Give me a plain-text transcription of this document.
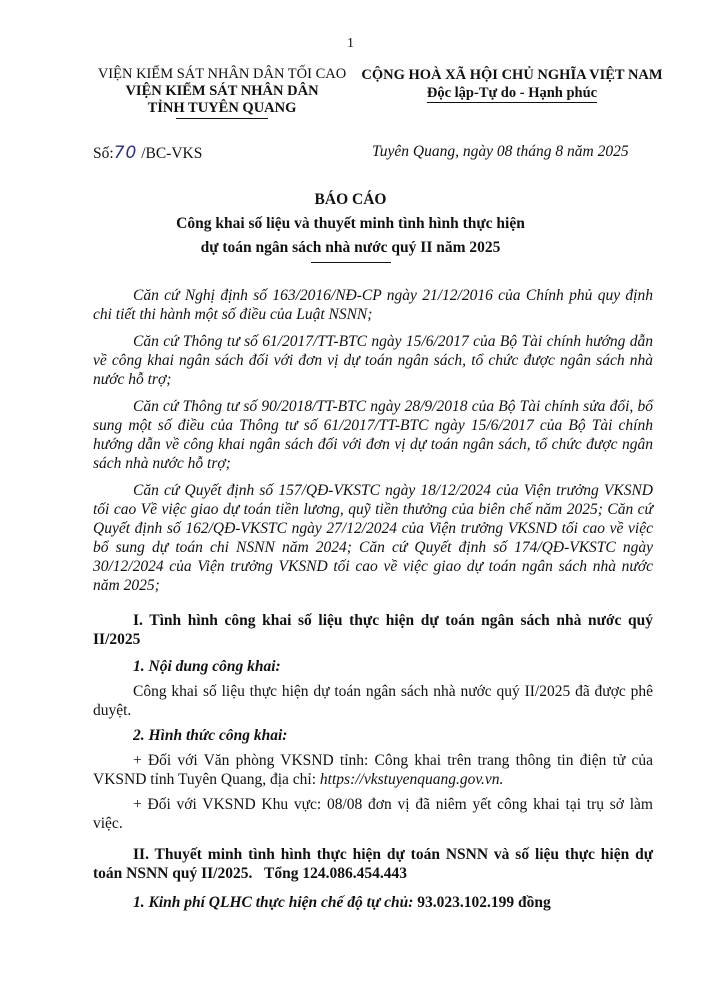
1
VIỆN KIỂM SÁT NHÂN DÂN TỐI CAO
VIỆN KIỂM SÁT NHÂN DÂN
TỈNH TUYÊN QUANG
CỘNG HOÀ XÃ HỘI CHỦ NGHĨA VIỆT NAM
Độc lập-Tự do - Hạnh phúc
Số:70 /BC-VKS	Tuyên Quang, ngày 08 tháng 8 năm 2025
BÁO CÁO
Công khai số liệu và thuyết minh tình hình thực hiện
dự toán ngân sách nhà nước quý II năm 2025

Căn cứ Nghị định số 163/2016/NĐ-CP ngày 21/12/2016 của Chính phủ quy định chi tiết thi hành một số điều của Luật NSNN;

Căn cứ Thông tư số 61/2017/TT-BTC ngày 15/6/2017 của Bộ Tài chính hướng dẫn về công khai ngân sách đối với đơn vị dự toán ngân sách, tổ chức được ngân sách nhà nước hỗ trợ;

Căn cứ Thông tư số 90/2018/TT-BTC ngày 28/9/2018 của Bộ Tài chính sửa đổi, bổ sung một số điều của Thông tư số 61/2017/TT-BTC ngày 15/6/2017 của Bộ Tài chính hướng dẫn về công khai ngân sách đối với đơn vị dự toán ngân sách, tổ chức được ngân sách nhà nước hỗ trợ;

Căn cứ Quyết định số 157/QĐ-VKSTC ngày 18/12/2024 của Viện trưởng VKSND tối cao Về việc giao dự toán tiền lương, quỹ tiền thưởng của biên chế năm 2025; Căn cứ Quyết định số 162/QĐ-VKSTC ngày 27/12/2024 của Viện trưởng VKSND tối cao về việc bổ sung dự toán chi NSNN năm 2024; Căn cứ Quyết định số 174/QĐ-VKSTC ngày 30/12/2024 của Viện trưởng VKSND tối cao về việc giao dự toán ngân sách nhà nước năm 2025;

I. Tình hình công khai số liệu thực hiện dự toán ngân sách nhà nước quý II/2025

1. Nội dung công khai:

Công khai số liệu thực hiện dự toán ngân sách nhà nước quý II/2025 đã được phê duyệt.

2. Hình thức công khai:

+ Đối với Văn phòng VKSND tỉnh: Công khai trên trang thông tin điện tử của VKSND tỉnh Tuyên Quang, địa chỉ: https://vkstuyenquang.gov.vn.

+ Đối với VKSND Khu vực: 08/08 đơn vị đã niêm yết công khai tại trụ sở làm việc.

II. Thuyết minh tình hình thực hiện dự toán NSNN và số liệu thực hiện dự toán NSNN quý II/2025. Tổng 124.086.454.443

1. Kinh phí QLHC thực hiện chế độ tự chủ: 93.023.102.199 đồng
